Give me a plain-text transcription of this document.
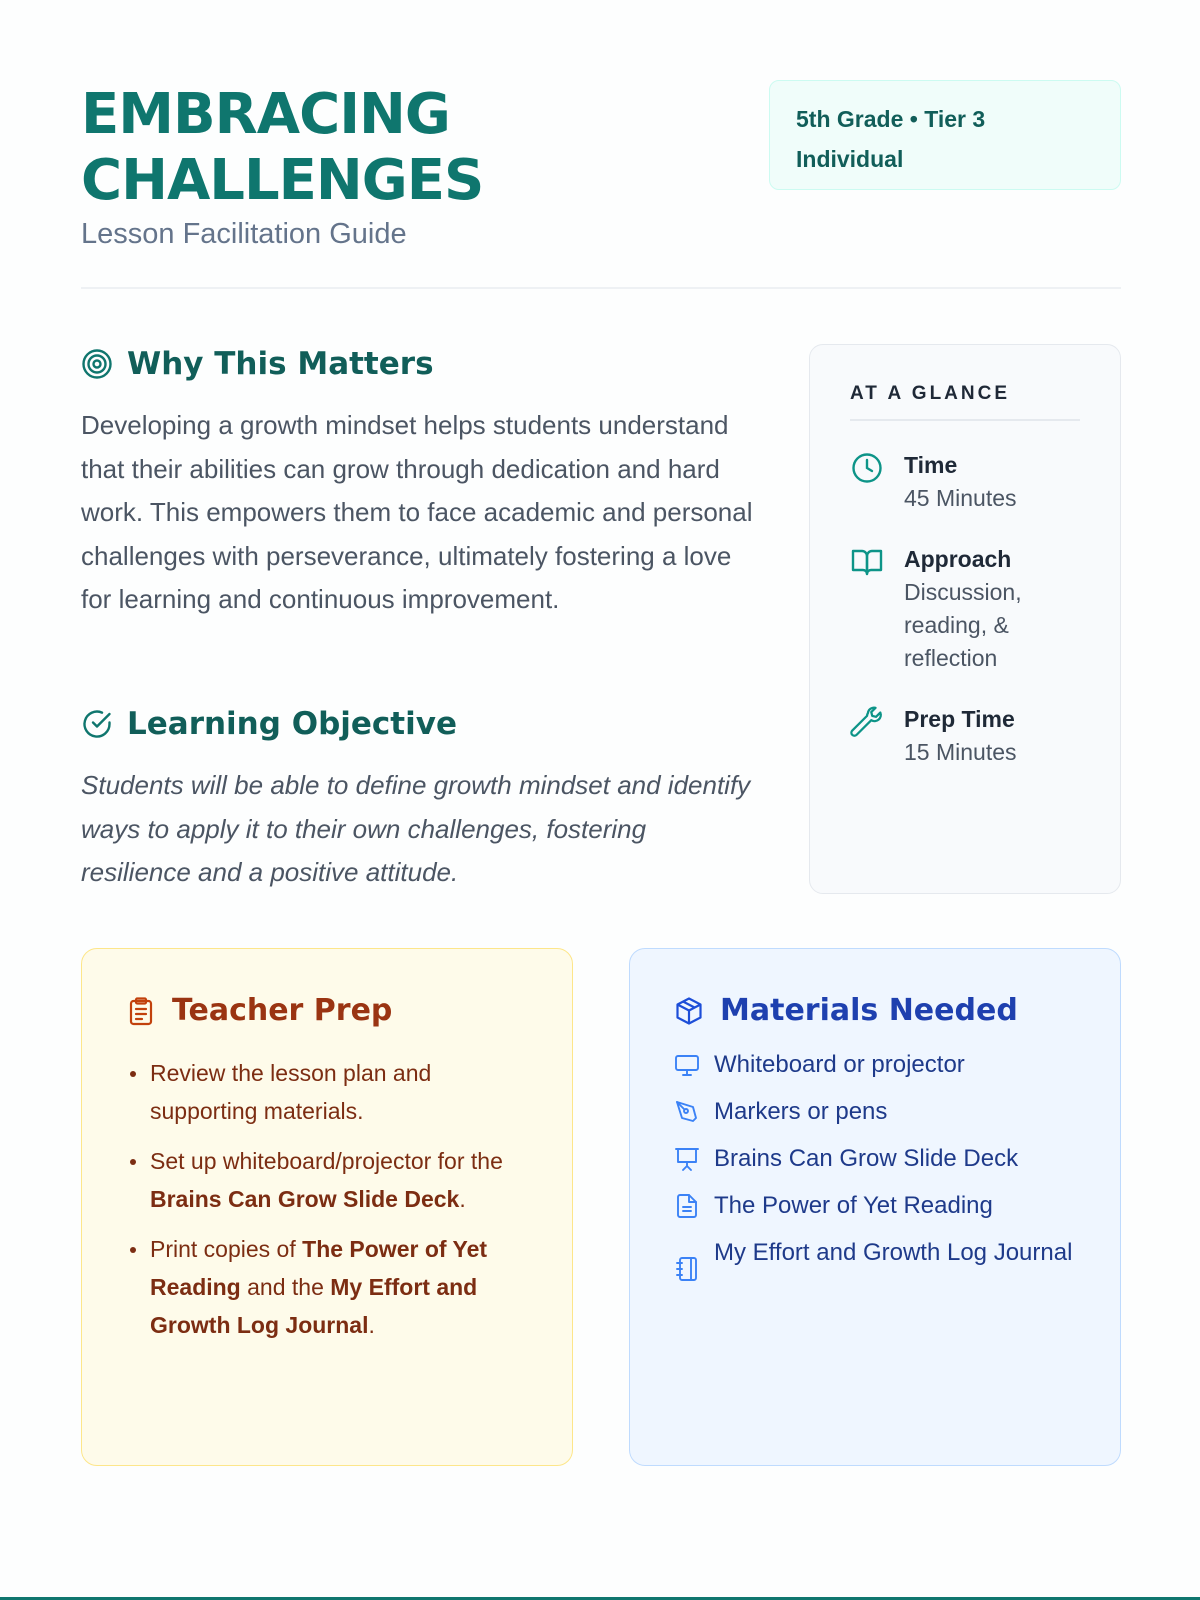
EMBRACING
CHALLENGES
Lesson Facilitation Guide
5th Grade • Tier 3
Individual
Why This Matters

Developing a growth mindset helps students understand that their abilities can grow through dedication and hard work. This empowers them to face academic and personal challenges with perseverance, ultimately fostering a love for learning and continuous improvement.

Learning Objective

Students will be able to define growth mindset and identify ways to apply it to their own challenges, fostering resilience and a positive attitude.

AT A GLANCE
Time
45 Minutes
Approach
Discussion, reading, & reflection
Prep Time
15 Minutes
Teacher Prep
Review the lesson plan and supporting materials.
Set up whiteboard/projector for the Brains Can Grow Slide Deck.
Print copies of The Power of Yet Reading and the My Effort and Growth Log Journal.
Materials Needed
Whiteboard or projector
Markers or pens
Brains Can Grow Slide Deck
The Power of Yet Reading
My Effort and Growth Log Journal
